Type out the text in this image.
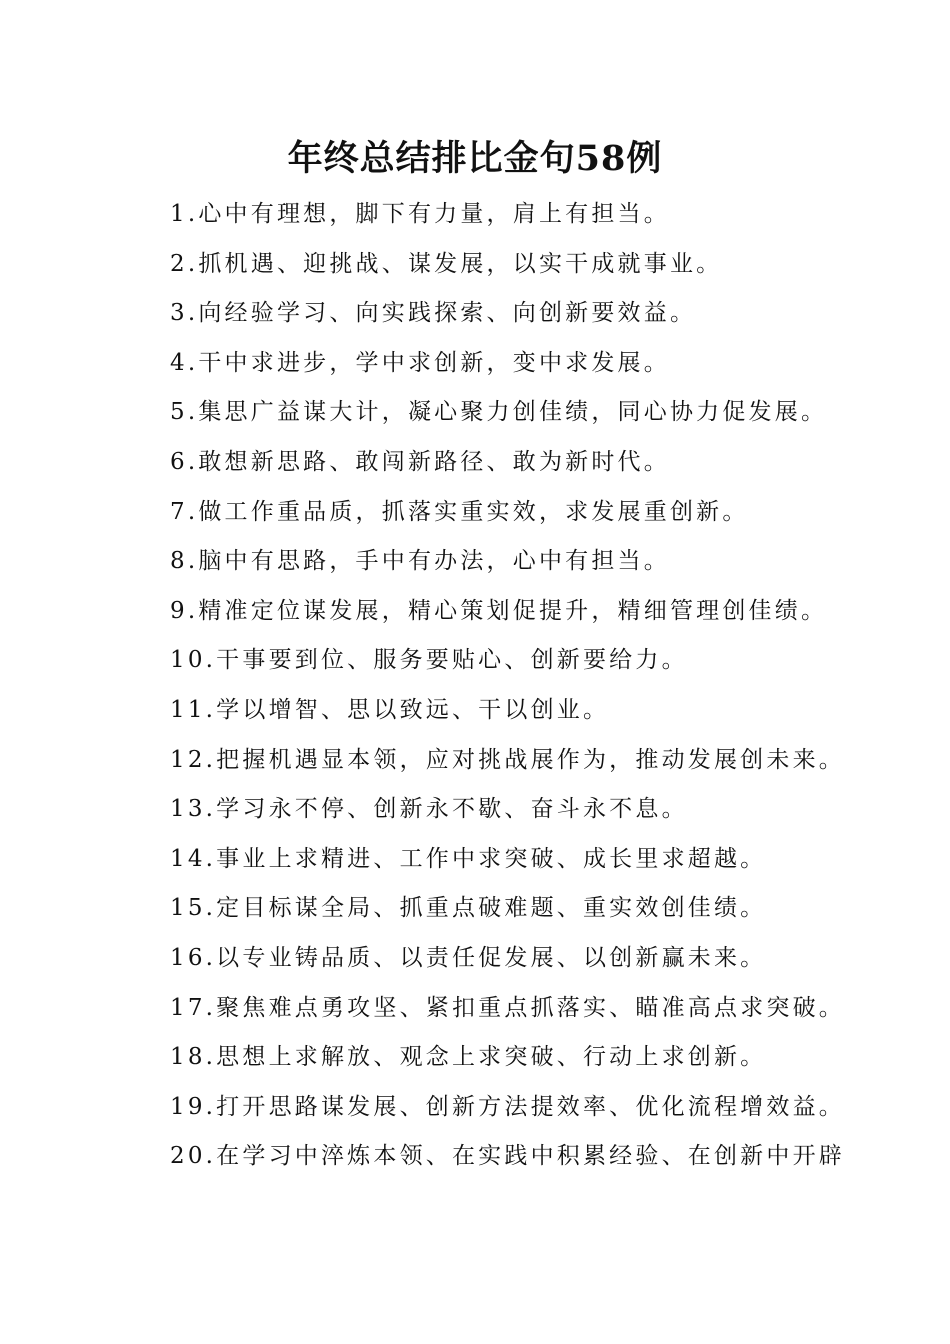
年终总结排比金句58例
1.心中有理想，脚下有力量，肩上有担当。
2.抓机遇、迎挑战、谋发展，以实干成就事业。
3.向经验学习、向实践探索、向创新要效益。
4.干中求进步，学中求创新，变中求发展。
5.集思广益谋大计，凝心聚力创佳绩，同心协力促发展。
6.敢想新思路、敢闯新路径、敢为新时代。
7.做工作重品质，抓落实重实效，求发展重创新。
8.脑中有思路，手中有办法，心中有担当。
9.精准定位谋发展，精心策划促提升，精细管理创佳绩。
10.干事要到位、服务要贴心、创新要给力。
11.学以增智、思以致远、干以创业。
12.把握机遇显本领，应对挑战展作为，推动发展创未来。
13.学习永不停、创新永不歇、奋斗永不息。
14.事业上求精进、工作中求突破、成长里求超越。
15.定目标谋全局、抓重点破难题、重实效创佳绩。
16.以专业铸品质、以责任促发展、以创新赢未来。
17.聚焦难点勇攻坚、紧扣重点抓落实、瞄准高点求突破。
18.思想上求解放、观念上求突破、行动上求创新。
19.打开思路谋发展、创新方法提效率、优化流程增效益。
20.在学习中淬炼本领、在实践中积累经验、在创新中开辟
